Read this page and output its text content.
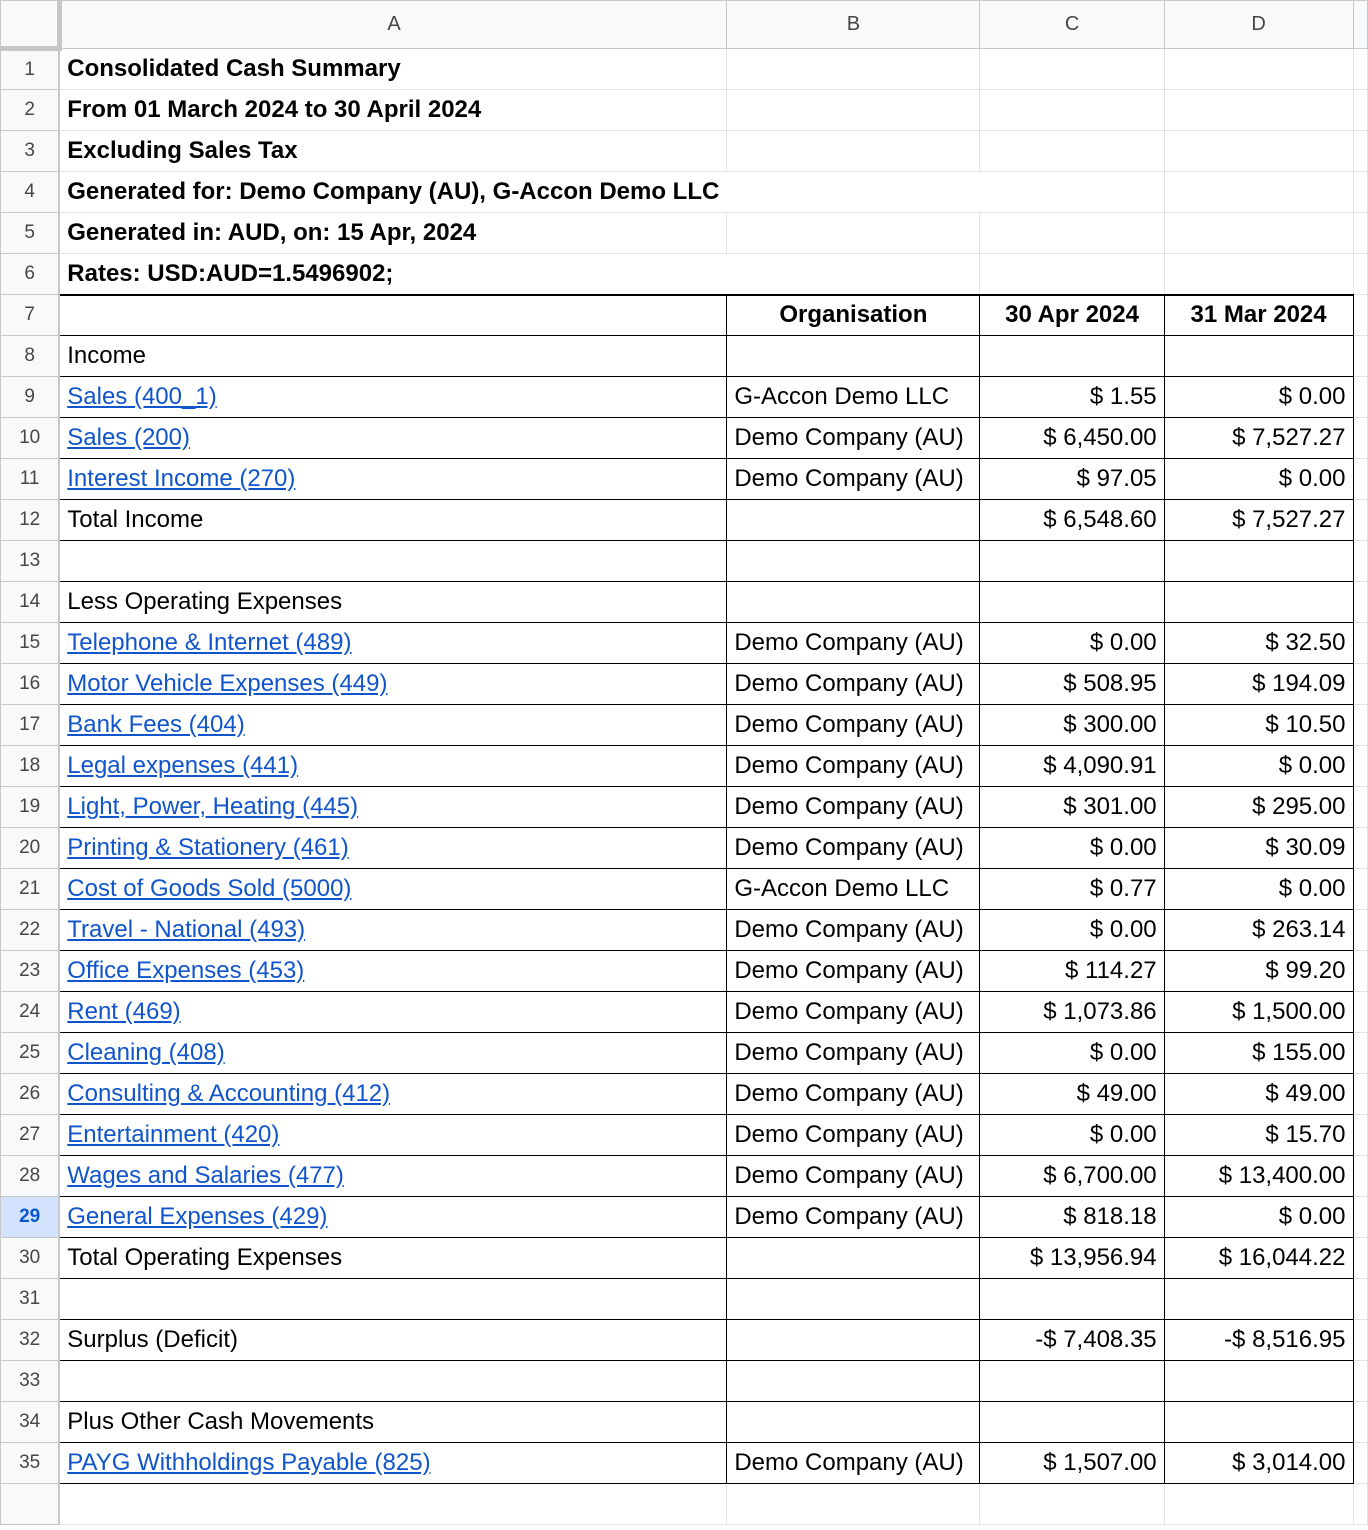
	A	B	C	D	
1	Consolidated Cash Summary				
2	From 01 March 2024 to 30 April 2024				
3	Excluding Sales Tax				
4	Generated for: Demo Company (AU), G-Accon Demo LLC				
5	Generated in: AUD, on: 15 Apr, 2024				
6	Rates: USD:AUD=1.5496902;				
7		Organisation	30 Apr 2024	31 Mar 2024	
8	Income				
9	Sales (400_1)	G-Accon Demo LLC	$ 1.55	$ 0.00	
10	Sales (200)	Demo Company (AU)	$ 6,450.00	$ 7,527.27	
11	Interest Income (270)	Demo Company (AU)	$ 97.05	$ 0.00	
12	Total Income		$ 6,548.60	$ 7,527.27	
13					
14	Less Operating Expenses				
15	Telephone & Internet (489)	Demo Company (AU)	$ 0.00	$ 32.50	
16	Motor Vehicle Expenses (449)	Demo Company (AU)	$ 508.95	$ 194.09	
17	Bank Fees (404)	Demo Company (AU)	$ 300.00	$ 10.50	
18	Legal expenses (441)	Demo Company (AU)	$ 4,090.91	$ 0.00	
19	Light, Power, Heating (445)	Demo Company (AU)	$ 301.00	$ 295.00	
20	Printing & Stationery (461)	Demo Company (AU)	$ 0.00	$ 30.09	
21	Cost of Goods Sold (5000)	G-Accon Demo LLC	$ 0.77	$ 0.00	
22	Travel - National (493)	Demo Company (AU)	$ 0.00	$ 263.14	
23	Office Expenses (453)	Demo Company (AU)	$ 114.27	$ 99.20	
24	Rent (469)	Demo Company (AU)	$ 1,073.86	$ 1,500.00	
25	Cleaning (408)	Demo Company (AU)	$ 0.00	$ 155.00	
26	Consulting & Accounting (412)	Demo Company (AU)	$ 49.00	$ 49.00	
27	Entertainment (420)	Demo Company (AU)	$ 0.00	$ 15.70	
28	Wages and Salaries (477)	Demo Company (AU)	$ 6,700.00	$ 13,400.00	
29	General Expenses (429)	Demo Company (AU)	$ 818.18	$ 0.00	
30	Total Operating Expenses		$ 13,956.94	$ 16,044.22	
31					
32	Surplus (Deficit)		-$ 7,408.35	-$ 8,516.95	
33					
34	Plus Other Cash Movements				
35	PAYG Withholdings Payable (825)	Demo Company (AU)	$ 1,507.00	$ 3,014.00	
